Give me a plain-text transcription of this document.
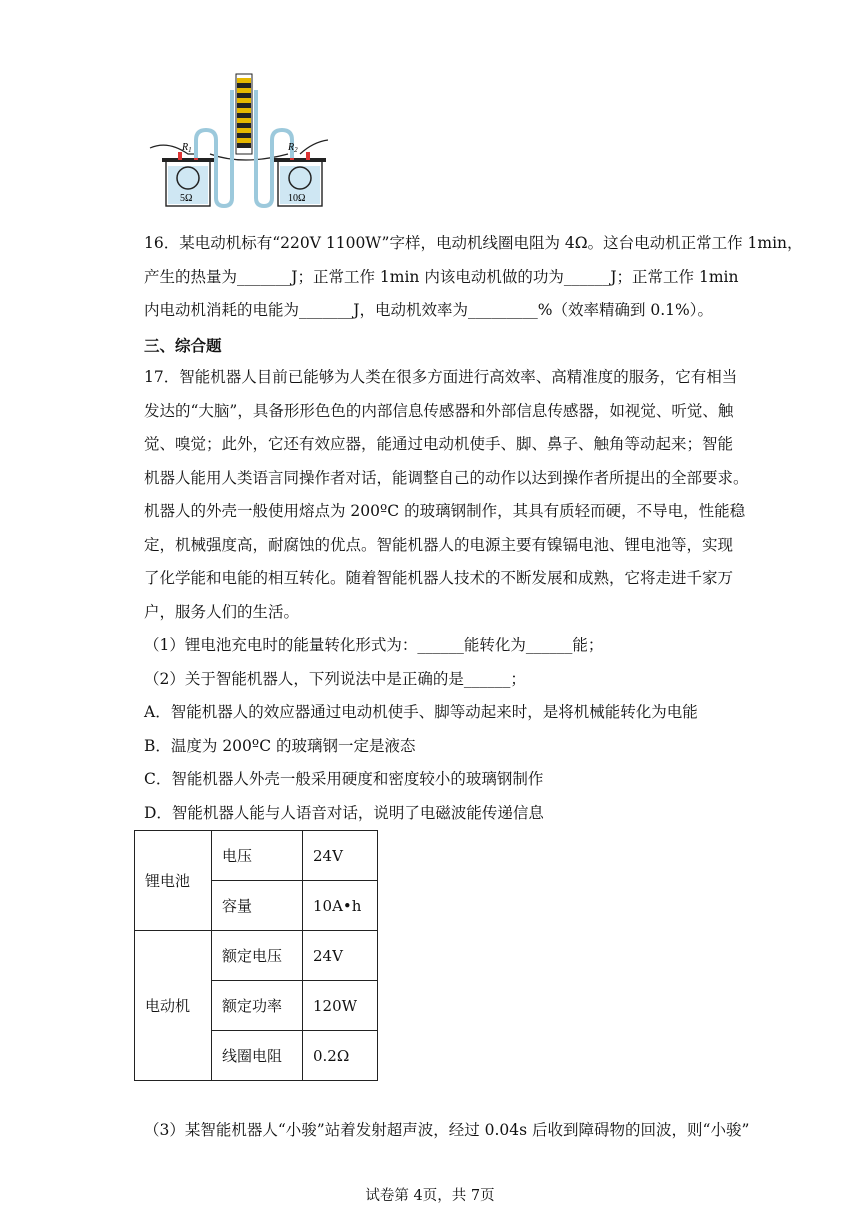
$R_1$	$R_2$
5Ω	10Ω
16．某电动机标有“220V 1100W”字样，电动机线圈电阻为 4Ω。这台电动机正常工作 1min，
产生的热量为_______J；正常工作 1min 内该电动机做的功为______J；正常工作 1min
内电动机消耗的电能为_______J，电动机效率为_________%（效率精确到 0.1%）。
三、综合题
17．智能机器人目前已能够为人类在很多方面进行高效率、高精准度的服务，它有相当
发达的“大脑”，具备形形色色的内部信息传感器和外部信息传感器，如视觉、听觉、触
觉、嗅觉；此外，它还有效应器，能通过电动机使手、脚、鼻子、触角等动起来；智能
机器人能用人类语言同操作者对话，能调整自己的动作以达到操作者所提出的全部要求。
机器人的外壳一般使用熔点为 200ºC 的玻璃钢制作，其具有质轻而硬，不导电，性能稳
定，机械强度高，耐腐蚀的优点。智能机器人的电源主要有镍镉电池、锂电池等，实现
了化学能和电能的相互转化。随着智能机器人技术的不断发展和成熟，它将走进千家万
户，服务人们的生活。
（1）锂电池充电时的能量转化形式为：______能转化为______能；
（2）关于智能机器人，下列说法中是正确的是______；
A．智能机器人的效应器通过电动机使手、脚等动起来时，是将机械能转化为电能
B．温度为 200ºC 的玻璃钢一定是液态
C．智能机器人外壳一般采用硬度和密度较小的玻璃钢制作
D．智能机器人能与人语音对话，说明了电磁波能传递信息
锂电池	电压	24V
	容量	10A•h
电动机	额定电压	24V
	额定功率	120W
	线圈电阻	0.2Ω
（3）某智能机器人“小骏”站着发射超声波，经过 0.04s 后收到障碍物的回波，则“小骏”
试卷第 4页，共 7页
